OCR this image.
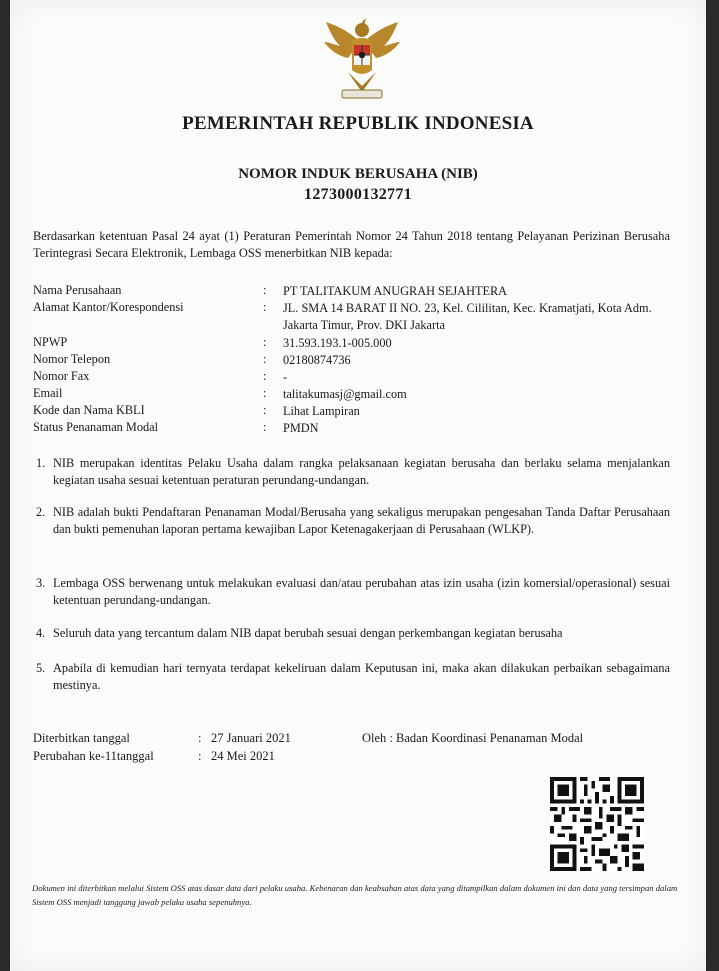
PEMERINTAH REPUBLIK INDONESIA
NOMOR INDUK BERUSAHA (NIB)
1273000132771

Berdasarkan ketentuan Pasal 24 ayat (1) Peraturan Pemerintah Nomor 24 Tahun 2018 tentang Pelayanan Perizinan Berusaha Terintegrasi Secara Elektronik, Lembaga OSS menerbitkan NIB kepada:

Nama Perusahaan	: PT TALITAKUM ANUGRAH SEJAHTERA
Alamat Kantor/Korespondensi	: JL. SMA 14 BARAT II NO. 23, Kel. Cililitan, Kec. Kramatjati, Kota Adm. Jakarta Timur, Prov. DKI Jakarta
NPWP	: 31.593.193.1-005.000
Nomor Telepon	: 02180874736
Nomor Fax	: -
Email	: talitakumasj@gmail.com
Kode dan Nama KBLI	: Lihat Lampiran
Status Penanaman Modal	: PMDN
1. NIB merupakan identitas Pelaku Usaha dalam rangka pelaksanaan kegiatan berusaha dan berlaku selama menjalankan kegiatan usaha sesuai ketentuan peraturan perundang-undangan.

2. NIB adalah bukti Pendaftaran Penanaman Modal/Berusaha yang sekaligus merupakan pengesahan Tanda Daftar Perusahaan dan bukti pemenuhan laporan pertama kewajiban Lapor Ketenagakerjaan di Perusahaan (WLKP).

3. Lembaga OSS berwenang untuk melakukan evaluasi dan/atau perubahan atas izin usaha (izin komersial/operasional) sesuai ketentuan perundang-undangan.

4. Seluruh data yang tercantum dalam NIB dapat berubah sesuai dengan perkembangan kegiatan berusaha

5. Apabila di kemudian hari ternyata terdapat kekeliruan dalam Keputusan ini, maka akan dilakukan perbaikan sebagaimana mestinya.

Diterbitkan tanggal	: 27 Januari 2021
Perubahan ke-11tanggal	: 24 Mei 2021
Oleh : Badan Koordinasi Penanaman Modal

Dokumen ini diterbitkan melalui Sistem OSS atas dasar data dari pelaku usaha. Kebenaran dan keabsahan atas data yang ditampilkan dalam dokumen ini dan data yang tersimpan dalam Sistem OSS menjadi tanggung jawab pelaku usaha sepenuhnya.
